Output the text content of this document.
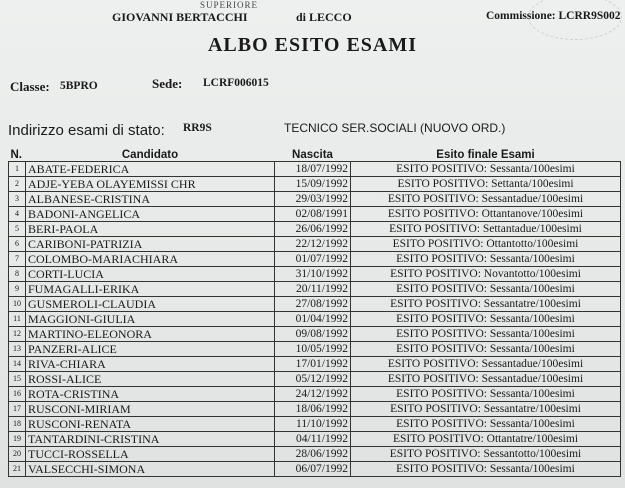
SUPERIORE
GIOVANNI BERTACCHI	di LECCO	Commissione: LCRR9S002
ALBO ESITO ESAMI
Classe: 5BPRO	Sede: LCRF006015
Indirizzo esami di stato: RR9S	TECNICO SER.SOCIALI (NUOVO ORD.)
N.	Candidato	Nascita	Esito finale Esami
1	ABATE-FEDERICA	18/07/1992	ESITO POSITIVO: Sessanta/100esimi
2	ADJE-YEBA OLAYEMISSI CHR	15/09/1992	ESITO POSITIVO: Settanta/100esimi
3	ALBANESE-CRISTINA	29/03/1992	ESITO POSITIVO: Sessantadue/100esimi
4	BADONI-ANGELICA	02/08/1991	ESITO POSITIVO: Ottantanove/100esimi
5	BERI-PAOLA	26/06/1992	ESITO POSITIVO: Settantadue/100esimi
6	CARIBONI-PATRIZIA	22/12/1992	ESITO POSITIVO: Ottantotto/100esimi
7	COLOMBO-MARIACHIARA	01/07/1992	ESITO POSITIVO: Sessanta/100esimi
8	CORTI-LUCIA	31/10/1992	ESITO POSITIVO: Novantotto/100esimi
9	FUMAGALLI-ERIKA	20/11/1992	ESITO POSITIVO: Sessanta/100esimi
10	GUSMEROLI-CLAUDIA	27/08/1992	ESITO POSITIVO: Sessantatre/100esimi
11	MAGGIONI-GIULIA	01/04/1992	ESITO POSITIVO: Sessanta/100esimi
12	MARTINO-ELEONORA	09/08/1992	ESITO POSITIVO: Sessanta/100esimi
13	PANZERI-ALICE	10/05/1992	ESITO POSITIVO: Sessanta/100esimi
14	RIVA-CHIARA	17/01/1992	ESITO POSITIVO: Sessantadue/100esimi
15	ROSSI-ALICE	05/12/1992	ESITO POSITIVO: Sessantadue/100esimi
16	ROTA-CRISTINA	24/12/1992	ESITO POSITIVO: Sessanta/100esimi
17	RUSCONI-MIRIAM	18/06/1992	ESITO POSITIVO: Sessantatre/100esimi
18	RUSCONI-RENATA	11/10/1992	ESITO POSITIVO: Sessanta/100esimi
19	TANTARDINI-CRISTINA	04/11/1992	ESITO POSITIVO: Ottantatre/100esimi
20	TUCCI-ROSSELLA	28/06/1992	ESITO POSITIVO: Sessantotto/100esimi
21	VALSECCHI-SIMONA	06/07/1992	ESITO POSITIVO: Sessanta/100esimi
